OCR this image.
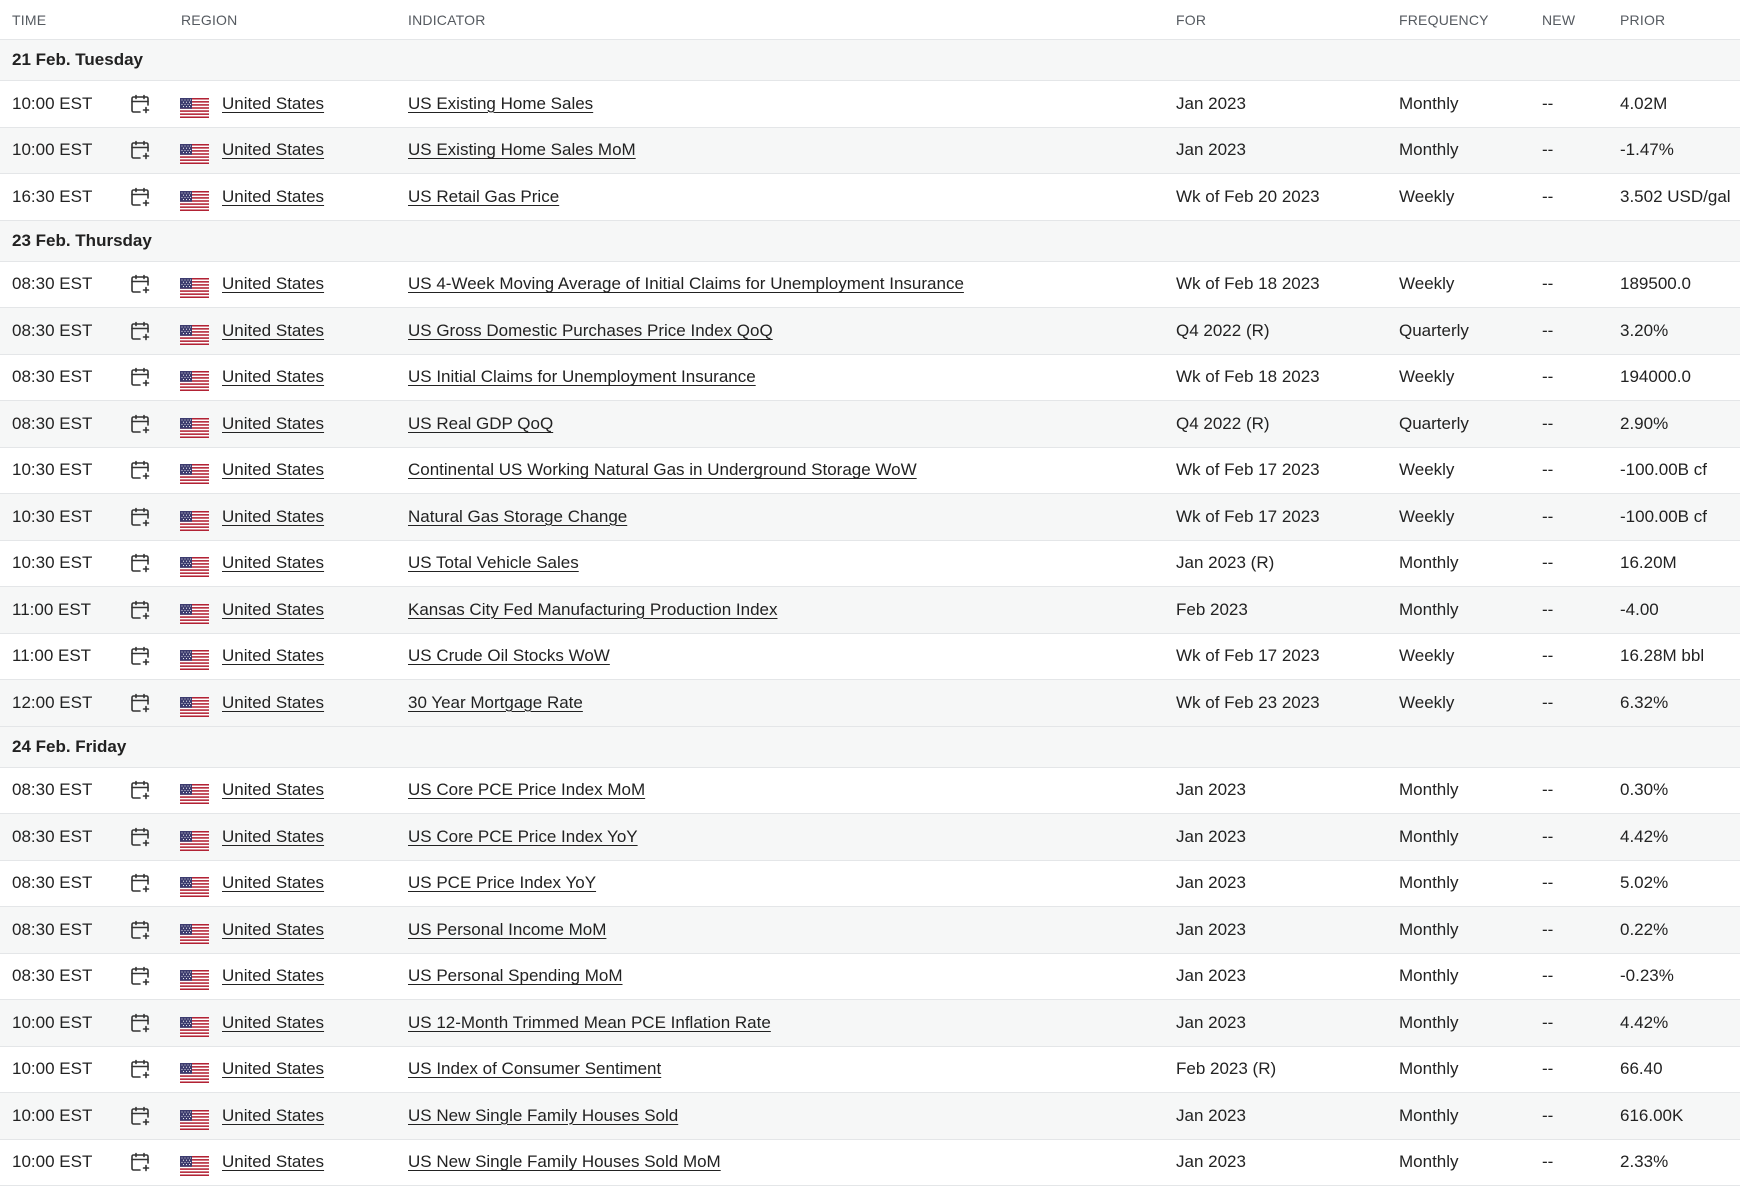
TIME	REGION	INDICATOR	FOR	FREQUENCY	NEW	PRIOR
21 Feb. Tuesday
10:00 EST	United States	US Existing Home Sales	Jan 2023	Monthly	--	4.02M
10:00 EST	United States	US Existing Home Sales MoM	Jan 2023	Monthly	--	-1.47%
16:30 EST	United States	US Retail Gas Price	Wk of Feb 20 2023	Weekly	--	3.502 USD/gal
23 Feb. Thursday
08:30 EST	United States	US 4-Week Moving Average of Initial Claims for Unemployment Insurance	Wk of Feb 18 2023	Weekly	--	189500.0
08:30 EST	United States	US Gross Domestic Purchases Price Index QoQ	Q4 2022 (R)	Quarterly	--	3.20%
08:30 EST	United States	US Initial Claims for Unemployment Insurance	Wk of Feb 18 2023	Weekly	--	194000.0
08:30 EST	United States	US Real GDP QoQ	Q4 2022 (R)	Quarterly	--	2.90%
10:30 EST	United States	Continental US Working Natural Gas in Underground Storage WoW	Wk of Feb 17 2023	Weekly	--	-100.00B cf
10:30 EST	United States	Natural Gas Storage Change	Wk of Feb 17 2023	Weekly	--	-100.00B cf
10:30 EST	United States	US Total Vehicle Sales	Jan 2023 (R)	Monthly	--	16.20M
11:00 EST	United States	Kansas City Fed Manufacturing Production Index	Feb 2023	Monthly	--	-4.00
11:00 EST	United States	US Crude Oil Stocks WoW	Wk of Feb 17 2023	Weekly	--	16.28M bbl
12:00 EST	United States	30 Year Mortgage Rate	Wk of Feb 23 2023	Weekly	--	6.32%
24 Feb. Friday
08:30 EST	United States	US Core PCE Price Index MoM	Jan 2023	Monthly	--	0.30%
08:30 EST	United States	US Core PCE Price Index YoY	Jan 2023	Monthly	--	4.42%
08:30 EST	United States	US PCE Price Index YoY	Jan 2023	Monthly	--	5.02%
08:30 EST	United States	US Personal Income MoM	Jan 2023	Monthly	--	0.22%
08:30 EST	United States	US Personal Spending MoM	Jan 2023	Monthly	--	-0.23%
10:00 EST	United States	US 12-Month Trimmed Mean PCE Inflation Rate	Jan 2023	Monthly	--	4.42%
10:00 EST	United States	US Index of Consumer Sentiment	Feb 2023 (R)	Monthly	--	66.40
10:00 EST	United States	US New Single Family Houses Sold	Jan 2023	Monthly	--	616.00K
10:00 EST	United States	US New Single Family Houses Sold MoM	Jan 2023	Monthly	--	2.33%
